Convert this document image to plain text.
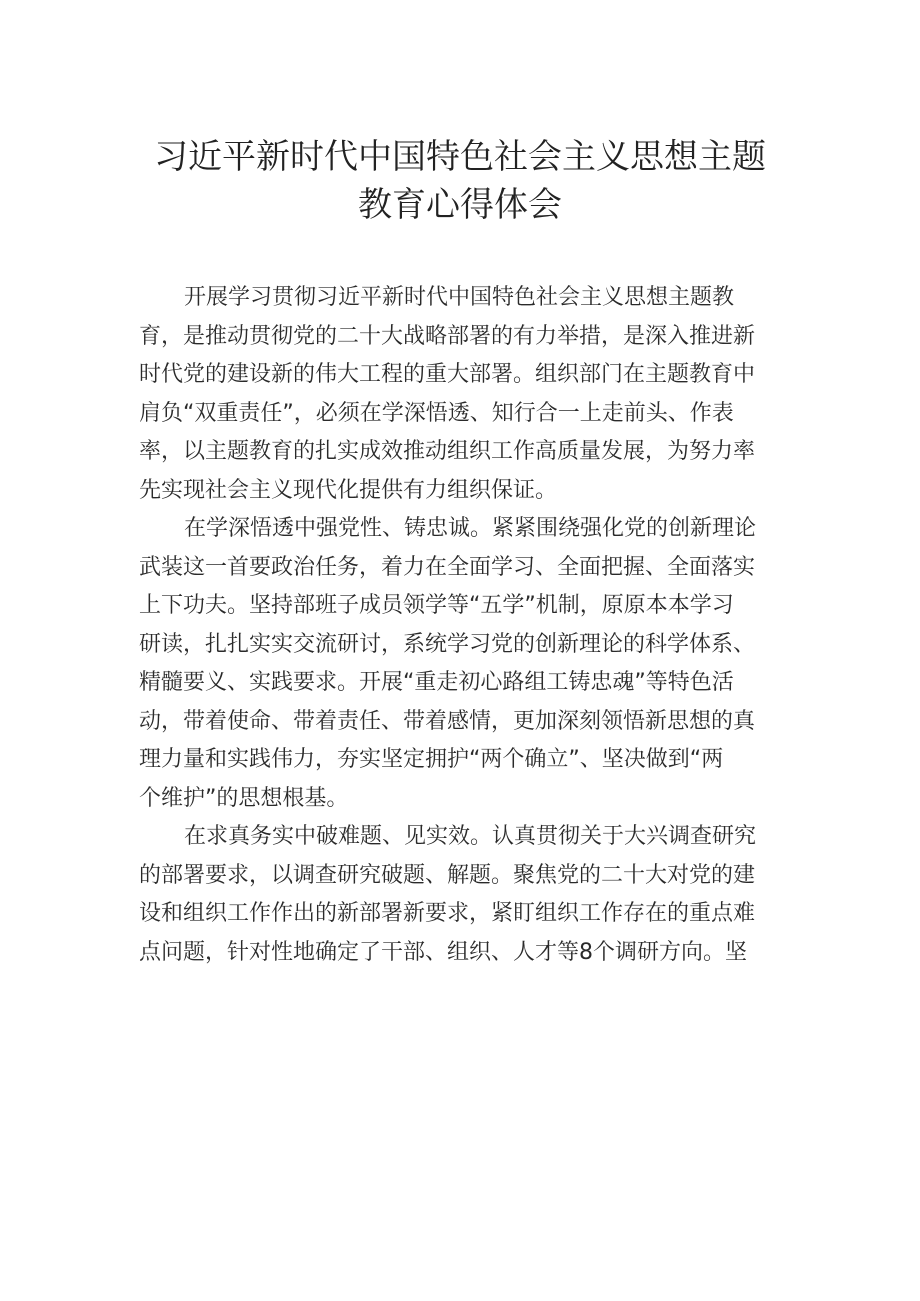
习近平新时代中国特色社会主义思想主题
教育心得体会
开展学习贯彻习近平新时代中国特色社会主义思想主题教
育，是推动贯彻党的二十大战略部署的有力举措，是深入推进新
时代党的建设新的伟大工程的重大部署。组织部门在主题教育中
肩负“双重责任”，必须在学深悟透、知行合一上走前头、作表
率，以主题教育的扎实成效推动组织工作高质量发展，为努力率
先实现社会主义现代化提供有力组织保证。
在学深悟透中强党性、铸忠诚。紧紧围绕强化党的创新理论
武装这一首要政治任务，着力在全面学习、全面把握、全面落实
上下功夫。坚持部班子成员领学等“五学”机制，原原本本学习
研读，扎扎实实交流研讨，系统学习党的创新理论的科学体系、
精髓要义、实践要求。开展“重走初心路组工铸忠魂”等特色活
动，带着使命、带着责任、带着感情，更加深刻领悟新思想的真
理力量和实践伟力，夯实坚定拥护“两个确立”、坚决做到“两
个维护”的思想根基。
在求真务实中破难题、见实效。认真贯彻关于大兴调查研究
的部署要求，以调查研究破题、解题。聚焦党的二十大对党的建
设和组织工作作出的新部署新要求，紧盯组织工作存在的重点难
点问题，针对性地确定了干部、组织、人才等8个调研方向。坚
